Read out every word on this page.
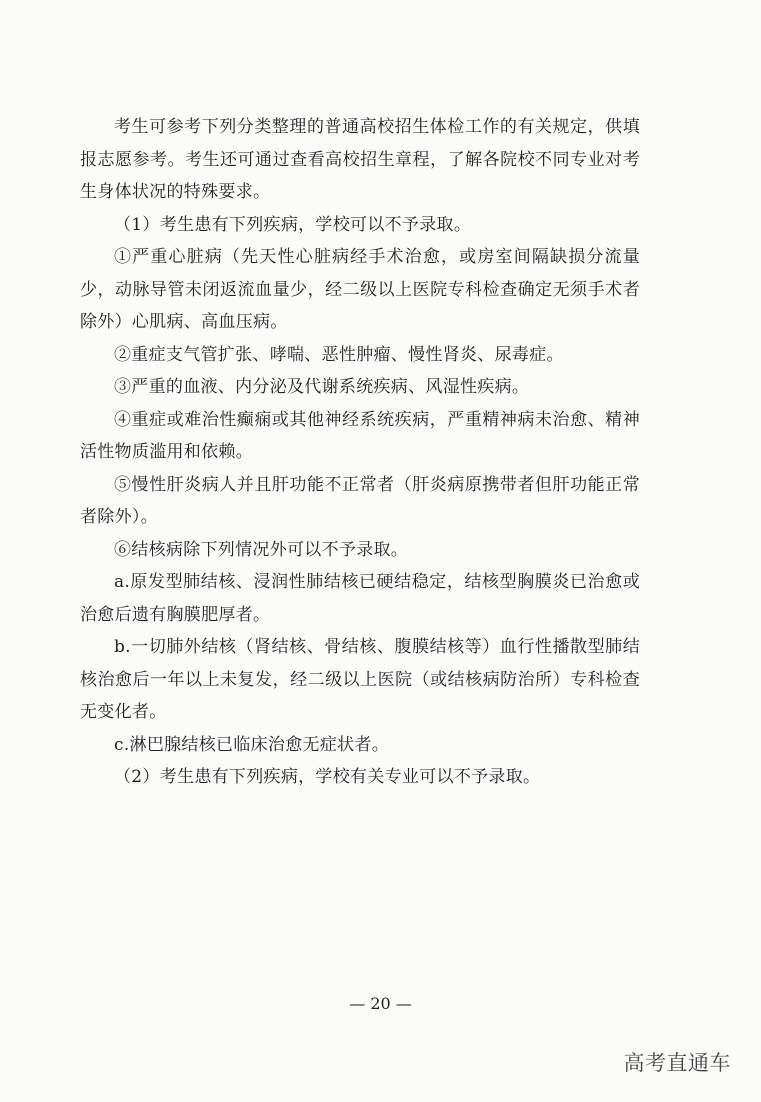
考生可参考下列分类整理的普通高校招生体检工作的有关规定，供填报志愿参考。考生还可通过查看高校招生章程，了解各院校不同专业对考生身体状况的特殊要求。

（1）考生患有下列疾病，学校可以不予录取。

①严重心脏病（先天性心脏病经手术治愈，或房室间隔缺损分流量少，动脉导管未闭返流血量少，经二级以上医院专科检查确定无须手术者除外）心肌病、高血压病。

②重症支气管扩张、哮喘、恶性肿瘤、慢性肾炎、尿毒症。

③严重的血液、内分泌及代谢系统疾病、风湿性疾病。

④重症或难治性癫痫或其他神经系统疾病，严重精神病未治愈、精神活性物质滥用和依赖。

⑤慢性肝炎病人并且肝功能不正常者（肝炎病原携带者但肝功能正常者除外）。

⑥结核病除下列情况外可以不予录取。

a.原发型肺结核、浸润性肺结核已硬结稳定，结核型胸膜炎已治愈或治愈后遗有胸膜肥厚者。

b.一切肺外结核（肾结核、骨结核、腹膜结核等）血行性播散型肺结核治愈后一年以上未复发，经二级以上医院（或结核病防治所）专科检查无变化者。

c.淋巴腺结核已临床治愈无症状者。

（2）考生患有下列疾病，学校有关专业可以不予录取。

— 20 —
高考直通车
